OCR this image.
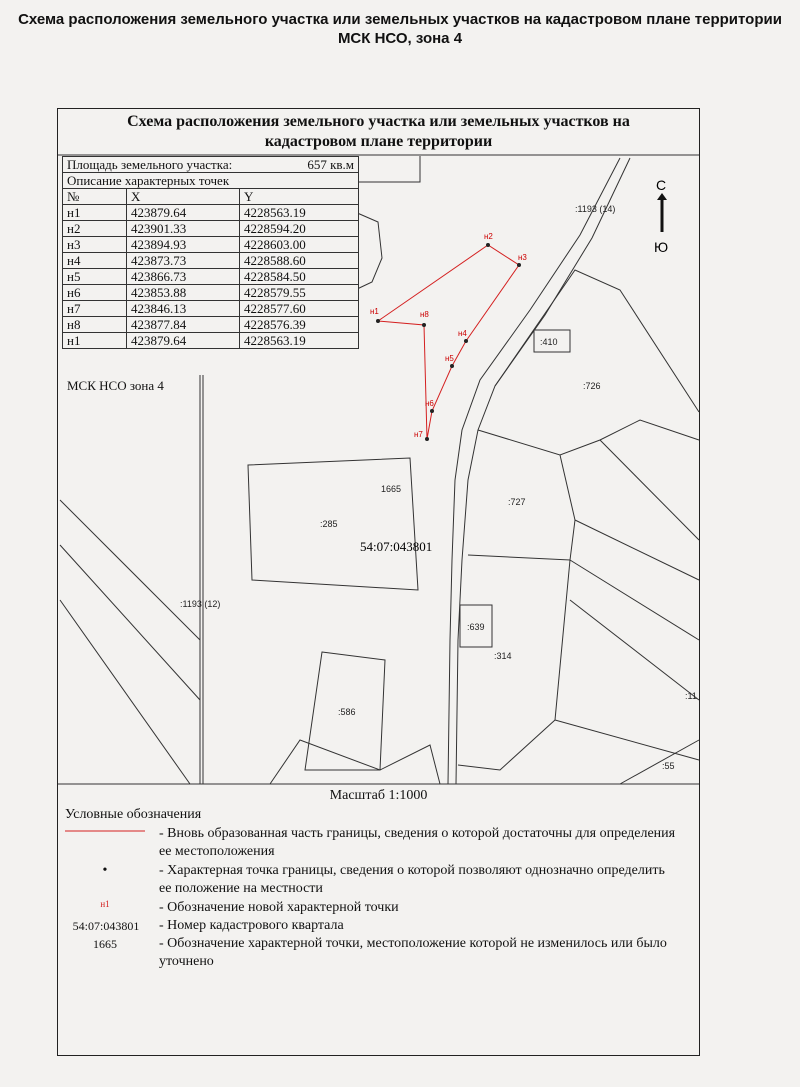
Схема расположения земельного участка или земельных участков на кадастровом плане территории
МСК НСО, зона 4
Схема расположения земельного участка или земельных участков на
кадастровом плане территории
С
Ю
:1193 (14)
:410
:726
1665
:727
:285
:1193 (12)
:639
:314
:11
:586
:55
54:07:043801
н1
н2
н3
н4
н5
н6
н7
н8
Площадь земельного участка: 657 кв.м		

Описание характерных точек		
№	X	Y
н1	423879.64	4228563.19
н2	423901.33	4228594.20
н3	423894.93	4228603.00
н4	423873.73	4228588.60
н5	423866.73	4228584.50
н6	423853.88	4228579.55
н7	423846.13	4228577.60
н8	423877.84	4228576.39
н1	423879.64	4228563.19
МСК НСО зона 4
Масштаб 1:1000
Условные обозначения
- Вновь образованная часть границы, сведения о которой достаточны для определения ее местоположения
•	- Характерная точка границы, сведения о которой позволяют однозначно определить ее положение на местности
н1	- Обозначение новой характерной точки
54:07:043801	- Номер кадастрового квартала
1665	- Обозначение характерной точки, местоположение которой не изменилось или было уточнено
